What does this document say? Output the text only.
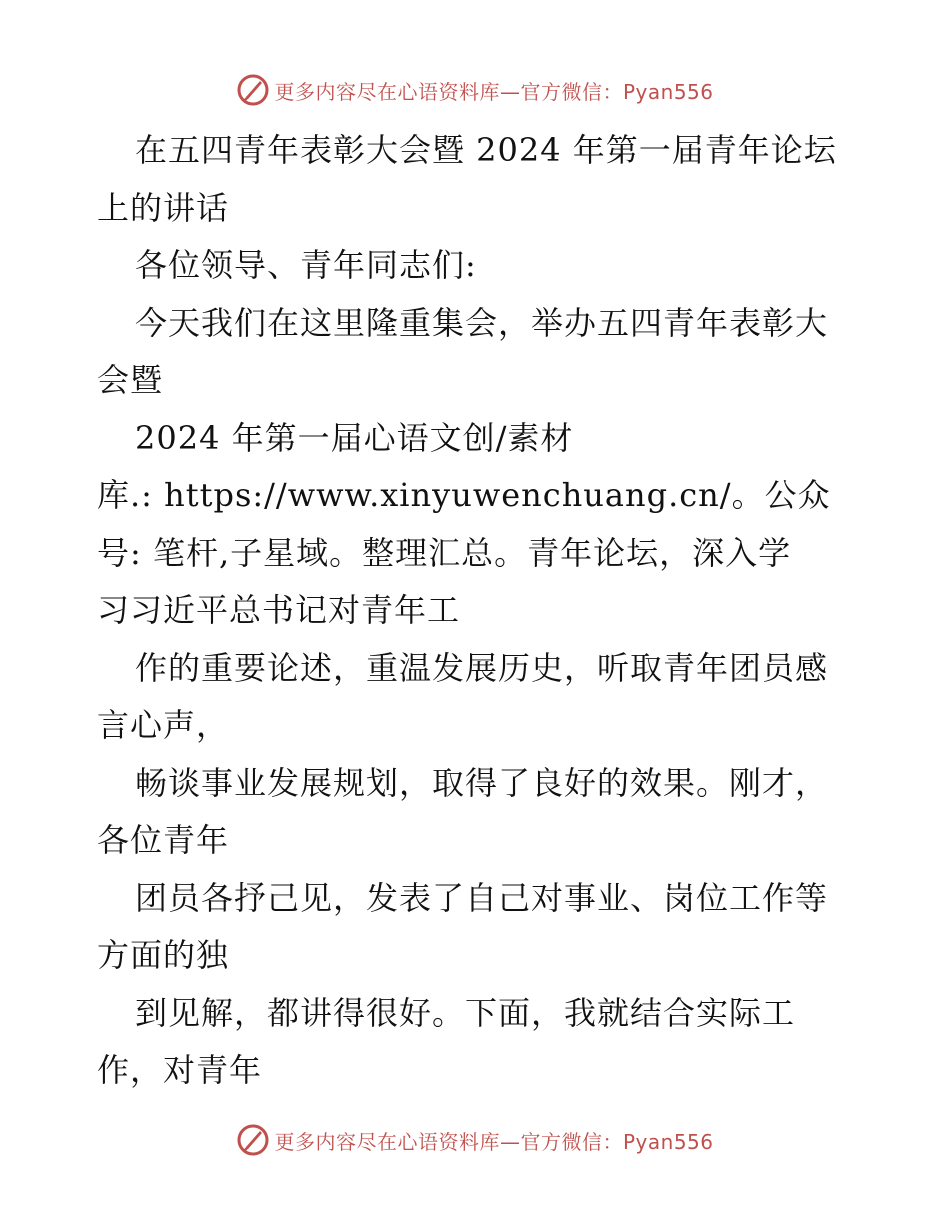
更多内容尽在心语资料库—官方微信：Pyan556
在五四青年表彰大会暨 2024 年第一届青年论坛
上的讲话
各位领导、青年同志们:
今天我们在这里隆重集会，举办五四青年表彰大
会暨
2024 年第一届心语文创/素材
库.: https://www.xinyuwenchuang.cn/。公众
号: 笔杆,子星域。整理汇总。青年论坛，深入学
习习近平总书记对青年工
作的重要论述，重温发展历史，听取青年团员感
言心声，
畅谈事业发展规划，取得了良好的效果。刚才，
各位青年
团员各抒己见，发表了自己对事业、岗位工作等
方面的独
到见解，都讲得很好。下面，我就结合实际工
作，对青年
更多内容尽在心语资料库—官方微信：Pyan556
